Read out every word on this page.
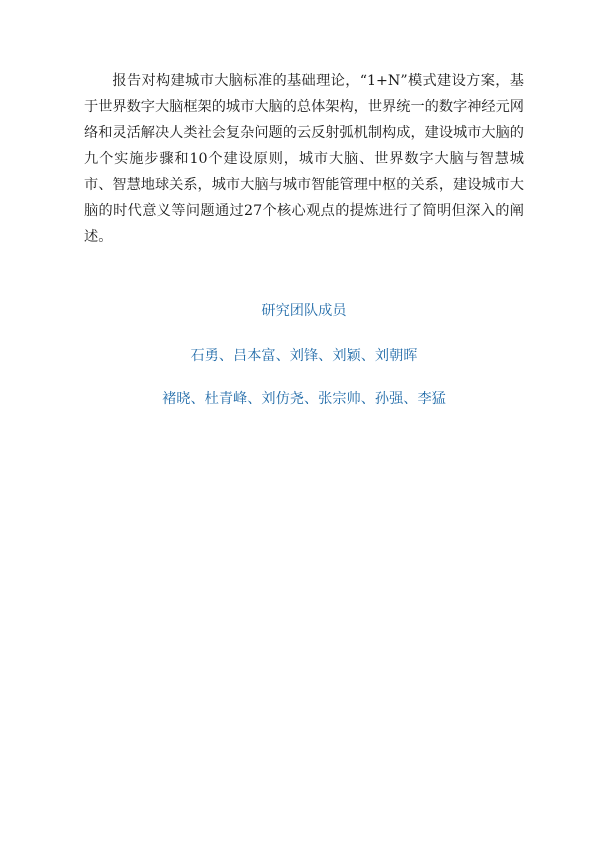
报告对构建城市大脑标准的基础理论，“1+N”模式建设方案，基于世界数字大脑框架的城市大脑的总体架构，世界统一的数字神经元网络和灵活解决人类社会复杂问题的云反射弧机制构成，建设城市大脑的九个实施步骤和10个建设原则，城市大脑、世界数字大脑与智慧城市、智慧地球关系，城市大脑与城市智能管理中枢的关系，建设城市大脑的时代意义等问题通过27个核心观点的提炼进行了简明但深入的阐述。

研究团队成员
石勇、吕本富、刘锋、刘颖、刘朝晖
褚晓、杜青峰、刘仿尧、张宗帅、孙强、李猛
